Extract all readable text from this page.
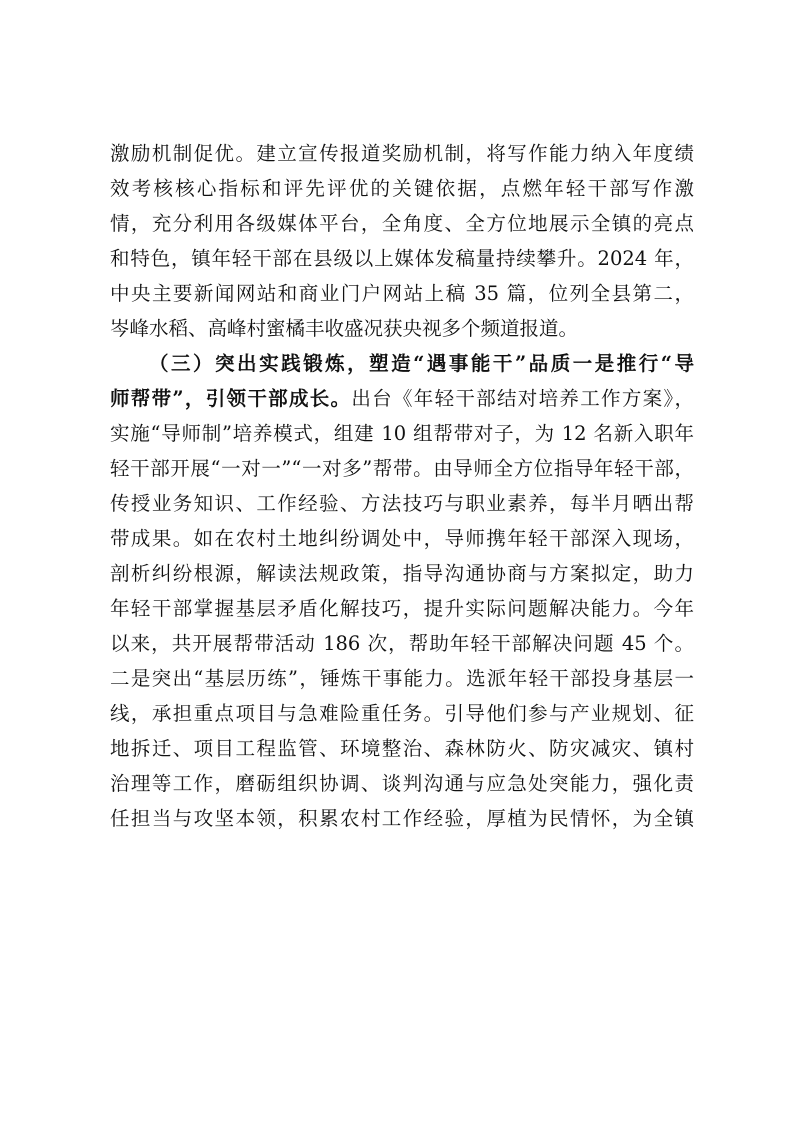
激励机制促优。建立宣传报道奖励机制，将写作能力纳入年度绩
效考核核心指标和评先评优的关键依据，点燃年轻干部写作激
情，充分利用各级媒体平台，全角度、全方位地展示全镇的亮点
和特色，镇年轻干部在县级以上媒体发稿量持续攀升。2024 年，
中央主要新闻网站和商业门户网站上稿 35 篇，位列全县第二，
岑峰水稻、高峰村蜜橘丰收盛况获央视多个频道报道。
（三）突出实践锻炼，塑造“遇事能干”品质一是推行“导
师帮带”，引领干部成长。出台《年轻干部结对培养工作方案》，
实施“导师制”培养模式，组建 10 组帮带对子，为 12 名新入职年
轻干部开展“一对一”“一对多”帮带。由导师全方位指导年轻干部，
传授业务知识、工作经验、方法技巧与职业素养，每半月晒出帮
带成果。如在农村土地纠纷调处中，导师携年轻干部深入现场，
剖析纠纷根源，解读法规政策，指导沟通协商与方案拟定，助力
年轻干部掌握基层矛盾化解技巧，提升实际问题解决能力。今年
以来，共开展帮带活动 186 次，帮助年轻干部解决问题 45 个。
二是突出“基层历练”，锤炼干事能力。选派年轻干部投身基层一
线，承担重点项目与急难险重任务。引导他们参与产业规划、征
地拆迁、项目工程监管、环境整治、森林防火、防灾减灾、镇村
治理等工作，磨砺组织协调、谈判沟通与应急处突能力，强化责
任担当与攻坚本领，积累农村工作经验，厚植为民情怀，为全镇
